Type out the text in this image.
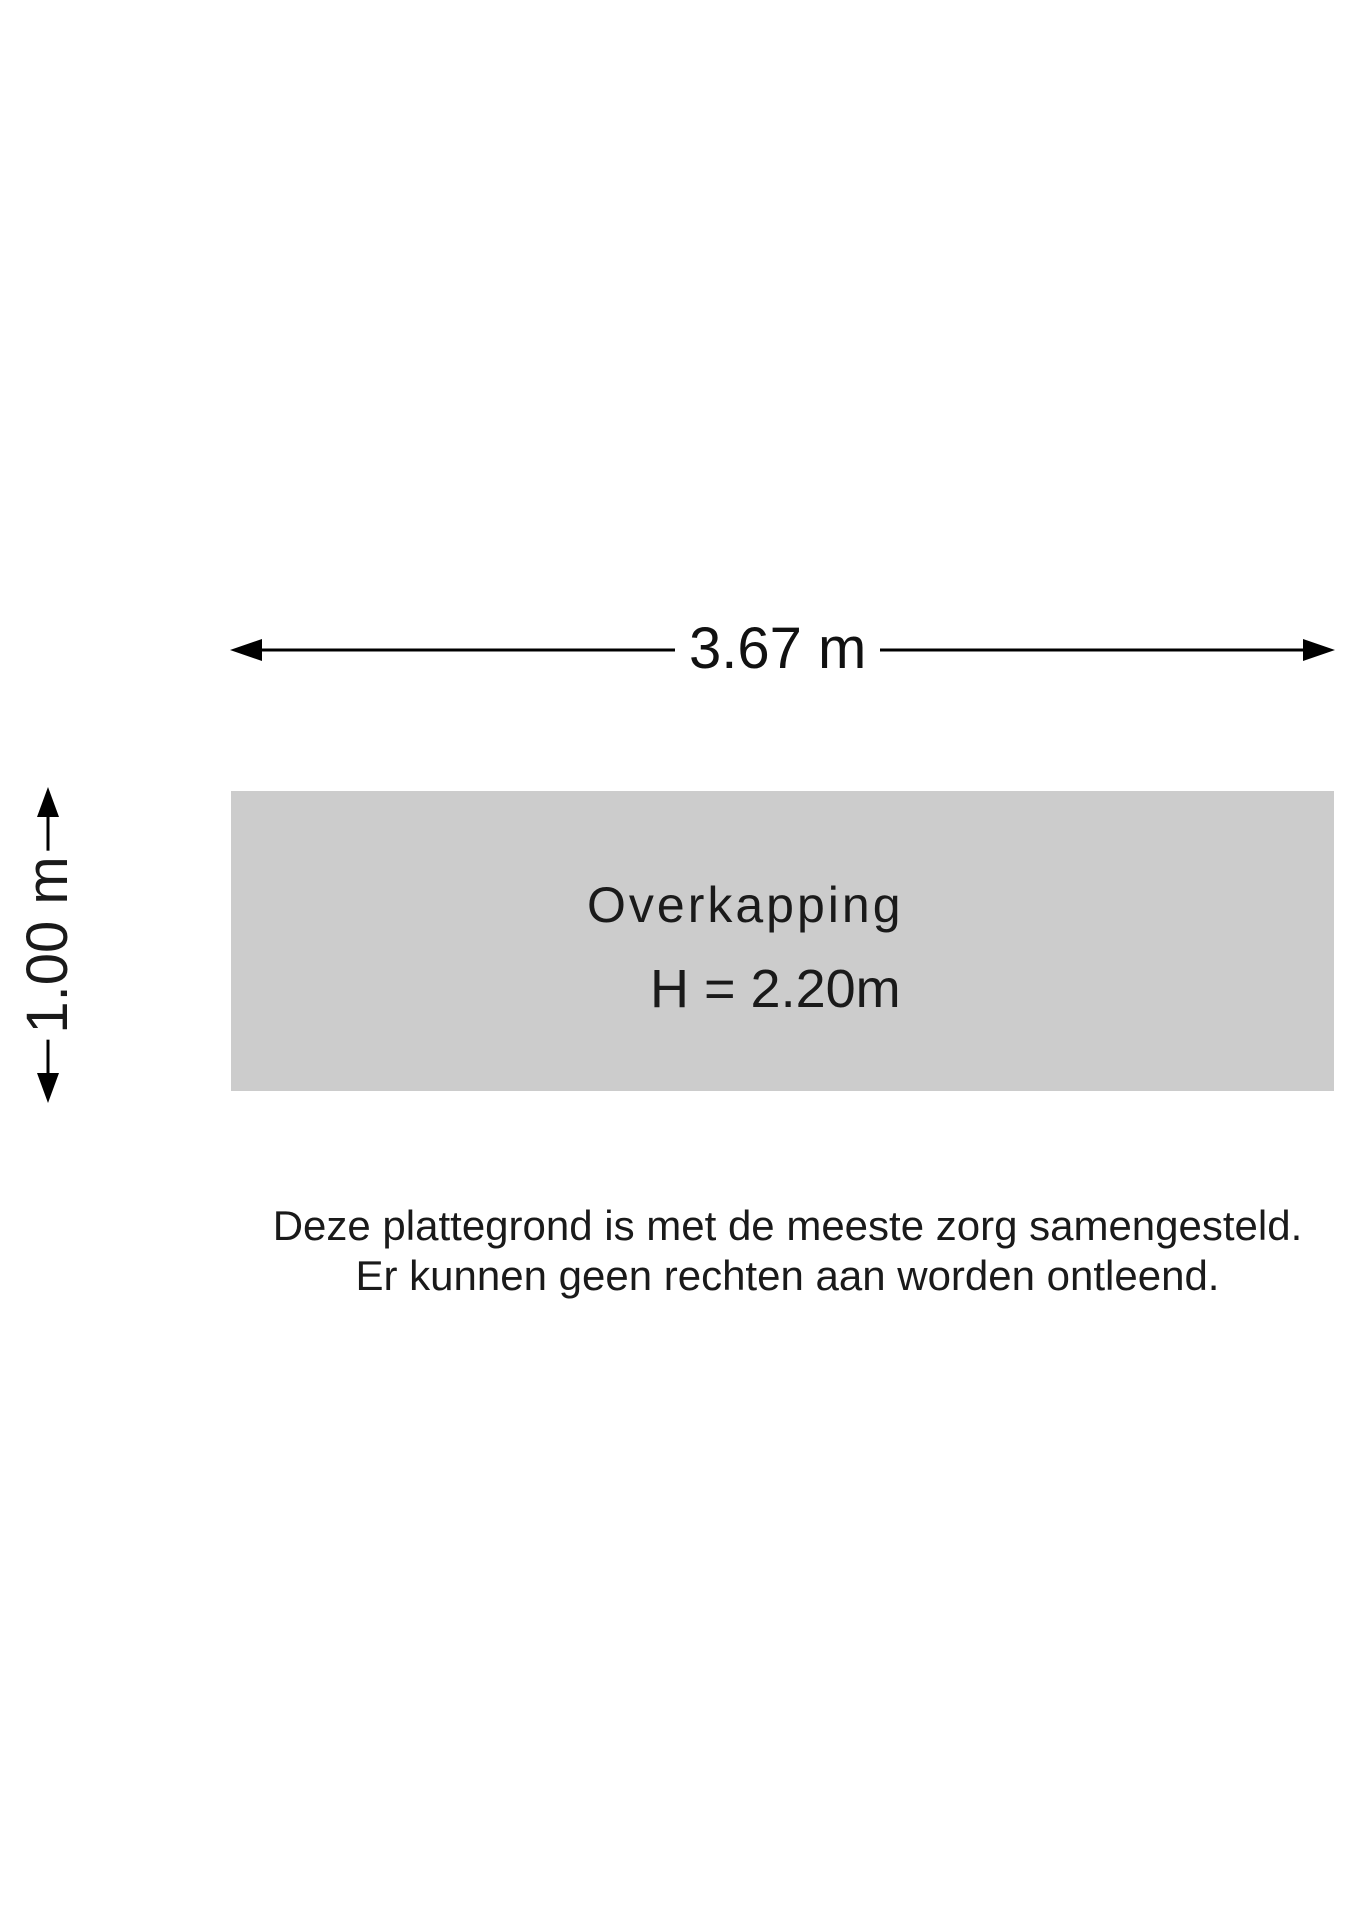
3.67 m
1.00 m	Overkapping
H = 2.20m
Deze plattegrond is met de meeste zorg samengesteld.
Er kunnen geen rechten aan worden ontleend.
